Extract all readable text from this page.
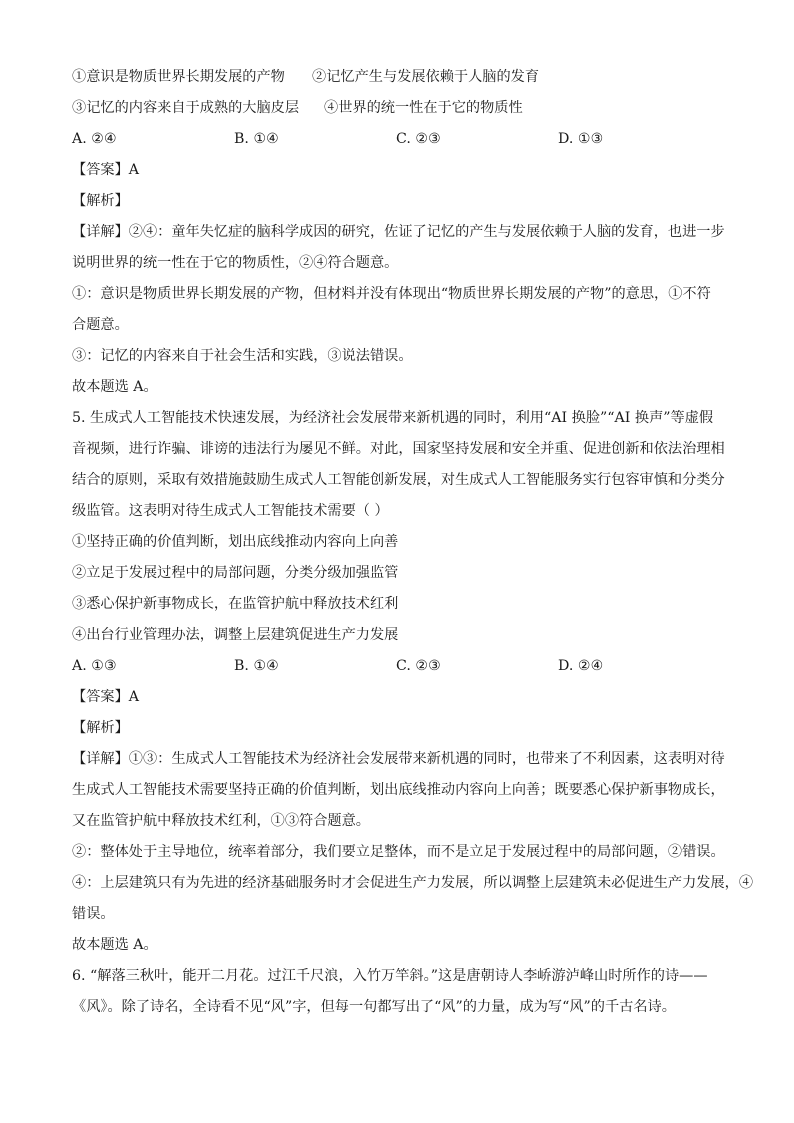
①意识是物质世界长期发展的产物	②记忆产生与发展依赖于人脑的发育
③记忆的内容来自于成熟的大脑皮层	④世界的统一性在于它的物质性
A. ②④	B. ①④	C. ②③	D. ①③
【答案】A
【解析】
【详解】②④：童年失忆症的脑科学成因的研究，佐证了记忆的产生与发展依赖于人脑的发育，也进一步
说明世界的统一性在于它的物质性，②④符合题意。
①：意识是物质世界长期发展的产物，但材料并没有体现出“物质世界长期发展的产物”的意思，①不符
合题意。
③：记忆的内容来自于社会生活和实践，③说法错误。
故本题选 A。
5. 生成式人工智能技术快速发展，为经济社会发展带来新机遇的同时，利用“AI 换脸”“AI 换声”等虚假
音视频，进行诈骗、诽谤的违法行为屡见不鲜。对此，国家坚持发展和安全并重、促进创新和依法治理相
结合的原则，采取有效措施鼓励生成式人工智能创新发展，对生成式人工智能服务实行包容审慎和分类分
级监管。这表明对待生成式人工智能技术需要（ ）
①坚持正确的价值判断，划出底线推动内容向上向善
②立足于发展过程中的局部问题，分类分级加强监管
③悉心保护新事物成长，在监管护航中释放技术红利
④出台行业管理办法，调整上层建筑促进生产力发展
A. ①③	B. ①④	C. ②③	D. ②④
【答案】A
【解析】
【详解】①③：生成式人工智能技术为经济社会发展带来新机遇的同时，也带来了不利因素，这表明对待
生成式人工智能技术需要坚持正确的价值判断，划出底线推动内容向上向善；既要悉心保护新事物成长，
又在监管护航中释放技术红利，①③符合题意。
②：整体处于主导地位，统率着部分，我们要立足整体，而不是立足于发展过程中的局部问题，②错误。
④：上层建筑只有为先进的经济基础服务时才会促进生产力发展，所以调整上层建筑未必促进生产力发展，④
错误。
故本题选 A。
6. “解落三秋叶，能开二月花。过江千尺浪，入竹万竿斜。”这是唐朝诗人李峤游泸峰山时所作的诗——
《风》。除了诗名，全诗看不见“风”字，但每一句都写出了“风”的力量，成为写“风”的千古名诗。
